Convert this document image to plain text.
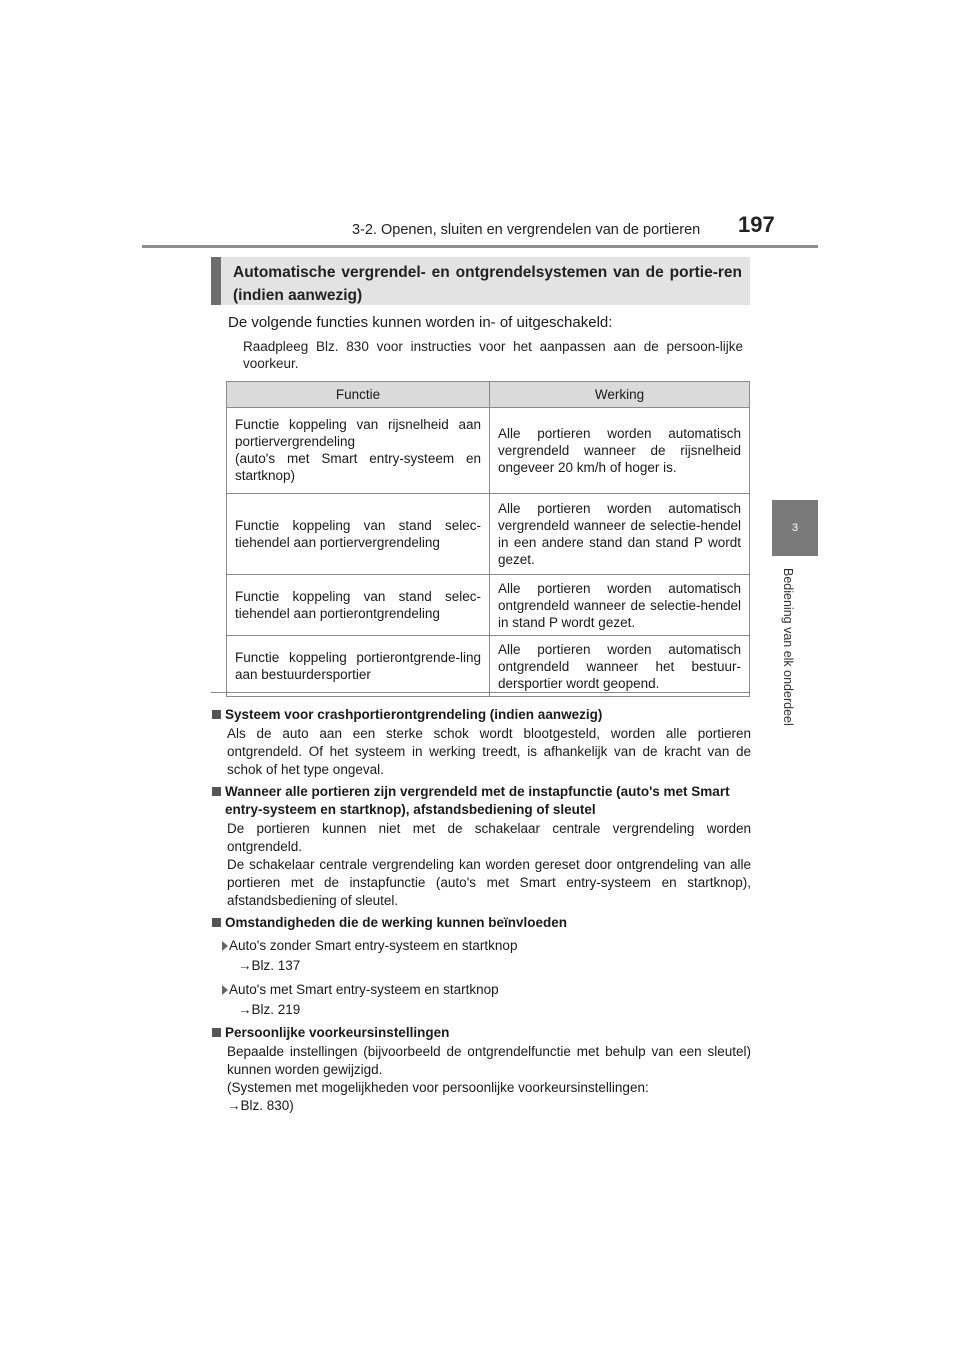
3-2. Openen, sluiten en vergrendelen van de portieren 197
3
Bediening van elk onderdeel
Automatische vergrendel- en ontgrendelsystemen van de portie-ren (indien aanwezig)
De volgende functies kunnen worden in- of uitgeschakeld:
Raadpleeg Blz. 830 voor instructies voor het aanpassen aan de persoon-lijke voorkeur.
Functie	Werking

Functie koppeling van rijsnelheid aan portiervergrendeling
(auto's met Smart entry-systeem en startknop)	Alle portieren worden automatisch vergrendeld wanneer de rijsnelheid ongeveer 20 km/h of hoger is.
Functie koppeling van stand selec-tiehendel aan portiervergrendeling	Alle portieren worden automatisch vergrendeld wanneer de selectie-hendel in een andere stand dan stand P wordt gezet.
Functie koppeling van stand selec-tiehendel aan portierontgrendeling	Alle portieren worden automatisch ontgrendeld wanneer de selectie-hendel in stand P wordt gezet.
Functie koppeling portierontgrende-ling aan bestuurdersportier	Alle portieren worden automatisch ontgrendeld wanneer het bestuur-dersportier wordt geopend.
Systeem voor crashportierontgrendeling (indien aanwezig)
Als de auto aan een sterke schok wordt blootgesteld, worden alle portieren ontgrendeld. Of het systeem in werking treedt, is afhankelijk van de kracht van de schok of het type ongeval.
Wanneer alle portieren zijn vergrendeld met de instapfunctie (auto's met Smart entry-systeem en startknop), afstandsbediening of sleutel
De portieren kunnen niet met de schakelaar centrale vergrendeling worden ontgrendeld.
De schakelaar centrale vergrendeling kan worden gereset door ontgrendeling van alle portieren met de instapfunctie (auto's met Smart entry-systeem en startknop), afstandsbediening of sleutel.
Omstandigheden die de werking kunnen beïnvloeden
Auto's zonder Smart entry-systeem en startknop
→Blz. 137
Auto's met Smart entry-systeem en startknop
→Blz. 219
Persoonlijke voorkeursinstellingen
Bepaalde instellingen (bijvoorbeeld de ontgrendelfunctie met behulp van een sleutel) kunnen worden gewijzigd.
(Systemen met mogelijkheden voor persoonlijke voorkeursinstellingen:
→Blz. 830)
